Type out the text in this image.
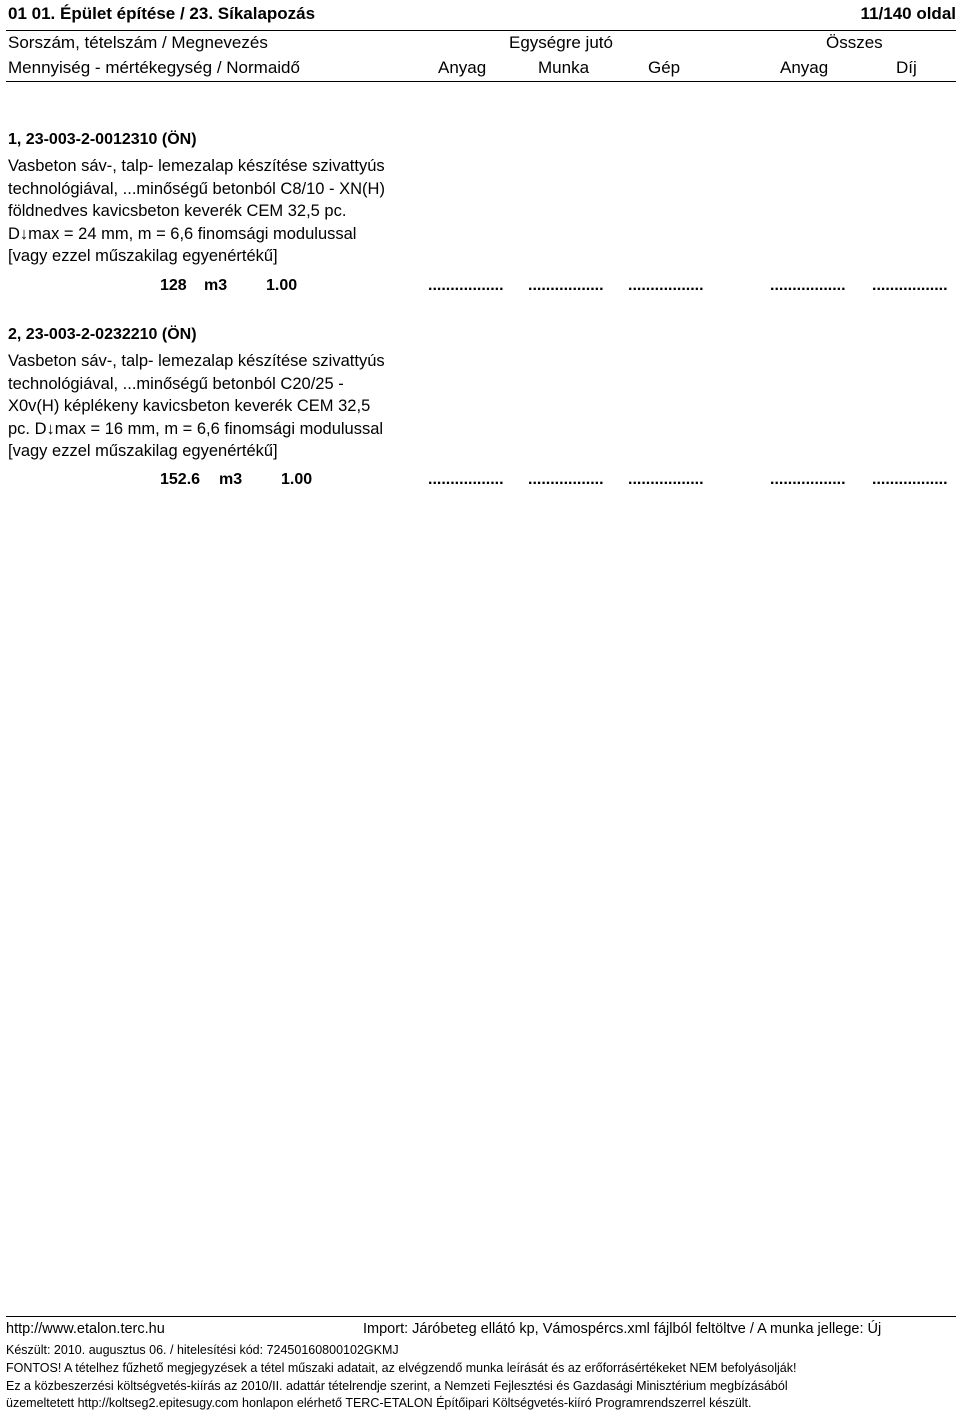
01 01. Épület építése / 23. Síkalapozás	11/140 oldal
Sorszám, tételszám / Megnevezés	Egységre jutó	Összes
Mennyiség - mértékegység / Normaidő	Anyag	Munka	Gép	Anyag	Díj
1, 23-003-2-0012310 (ÖN)
Vasbeton sáv-, talp- lemezalap készítése szivattyús
technológiával, ...minőségű betonból C8/10 - XN(H)
földnedves kavicsbeton keverék CEM 32,5 pc.
D↓max = 24 mm, m = 6,6 finomsági modulussal
[vagy ezzel műszakilag egyenértékű]
128 m3 1.00	................. ................. .................	................. .................
2, 23-003-2-0232210 (ÖN)
Vasbeton sáv-, talp- lemezalap készítése szivattyús
technológiával, ...minőségű betonból C20/25 -
X0v(H) képlékeny kavicsbeton keverék CEM 32,5
pc. D↓max = 16 mm, m = 6,6 finomsági modulussal
[vagy ezzel műszakilag egyenértékű]
152.6 m3 1.00	................. ................. .................	................. .................
http://www.etalon.terc.hu	Import: Járóbeteg ellátó kp, Vámospércs.xml fájlból feltöltve / A munka jellege: Új
Készült: 2010. augusztus 06. / hitelesítési kód: 72450160800102GKMJ
FONTOS! A tételhez fűzhető megjegyzések a tétel műszaki adatait, az elvégzendő munka leírását és az erőforrásértékeket NEM befolyásolják!
Ez a közbeszerzési költségvetés-kiírás az 2010/II. adattár tételrendje szerint, a Nemzeti Fejlesztési és Gazdasági Minisztérium megbízásából
üzemeltetett http://koltseg2.epitesugy.com honlapon elérhető TERC-ETALON Építőipari Költségvetés-kiíró Programrendszerrel készült.
